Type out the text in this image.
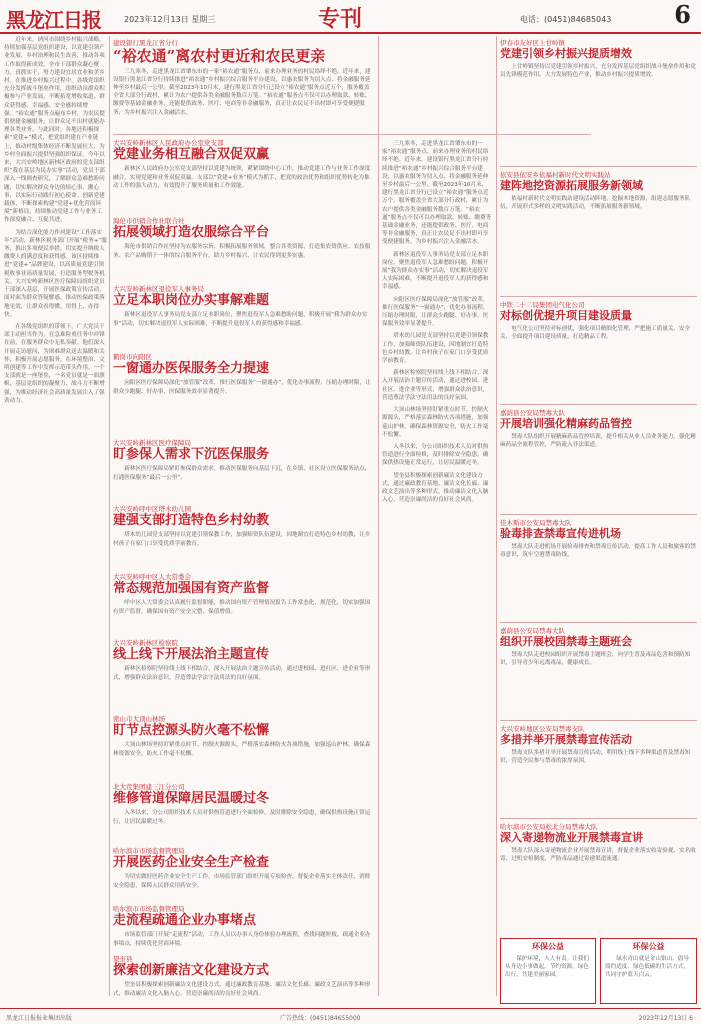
黑龙江日报	2023年12月13日 星期三	专刊	电话：(0451)84685043	6

近年来，讷河市围绕乡村振兴战略，持续加强基层党组织建设，以党建引领产业发展、乡村治理和民生改善，推动各项工作取得新成效。全市干部群众凝心聚力、真抓实干，努力建设宜居宜业和美乡村。在推进乡村振兴过程中，各级党组织充分发挥战斗堡垒作用，组织动员群众积极参与产业发展，不断拓宽增收渠道，群众获得感、幸福感、安全感持续增强。“裕农通”服务点遍布乡村，为农民提供便捷金融服务，让群众足不出村就能办理各类业务。与此同时，各地还积极探索“党建+”模式，把党组织建在产业链上，推动村级集体经济不断发展壮大，为乡村全面振兴提供坚强组织保证。今年以来，大兴安岭地区新林区政府的党支部组织“我在基层为民办实事”活动，党员干部深入一线调查研究，了解群众急难愁盼问题，切实解决群众身边的烦心事、揪心事，以实际行动践行初心使命。创新党建载体，不断探索构建“党建+优化营商环境”新格局，持续推动党建工作与业务工作深度融合、互促共进。

为结合深化能力作风建设“工作落实年”活动，新林区税务部门开展“税务+”服务，推出多项便民举措，切实提升纳税人缴费人的满意度和获得感。该区持续推进“党建+”品牌建设，以高质量党建引领税收事业高质量发展，打造服务型税务机关。大兴安岭新林区医疗保障局组织党员干部深入基层，开展医保政策宣传活动，面对面为群众答疑解惑，推动医保政策落地见效，让群众看得懂、用得上、办得快。

在各级党组织的带领下，广大党员干部主动担当作为，在急难险重任务中冲锋在前，在服务群众中无私奉献。他们深入开展走访慰问，为困难群众送去温暖和关怀；积极开展志愿服务，在环境整治、文明创建等工作中发挥示范带头作用。一个支部就是一座堡垒，一名党员就是一面旗帜，基层党组织的凝聚力、战斗力不断增强，为推动经济社会高质量发展注入了强劲动力。

建设银行黑龙江省分行
“裕农通”离农村更近和农民更亲

三九寒冬，走进黑龙江省肇东市的一家“裕农通”服务点，前来办理业务的村民络绎不绝。近年来，建设银行黑龙江省分行持续推进“裕农通”乡村振兴综合服务平台建设，以惠农服务为切入点，将金融服务延伸至乡村最后一公里。截至2023年10月末，建行黑龙江省分行已设立“裕农通”服务点近万个，服务覆盖全省大部分行政村，累计为农户提供各类金融服务数百万笔。“裕农通”服务点不仅可以办理取款、转账、缴费等基础金融业务，还能提供政务、医疗、电商等非金融服务，真正让农民足不出村即可享受便捷服务，为乡村振兴注入金融活水。

大兴安岭新林区人民政府办公室党支部
党建业务相互融合双促双赢

新林区人民政府办公室党支部坚持以党建为统领，紧紧围绕中心工作，推动党建工作与业务工作深度融合，实现党建和业务双促双赢。支部以“党建+业务”模式为抓手，把党的政治优势和组织优势转化为推动工作的强大动力，有效提升了服务质量和工作效能。

海伦市供销合作社联合社
拓展领域打造农服综合平台

海伦市供销合作社坚持为农服务宗旨，积极拓展服务领域，整合各类资源，打造集农资供应、农技服务、农产品购销于一体的综合服务平台，助力乡村振兴，让农民得到更多实惠。

大兴安岭新林区退役军人事务局
立足本职岗位办实事解难题

新林区退役军人事务局党支部立足本职岗位，聚焦退役军人急难愁盼问题，积极开展“我为群众办实事”活动，切实解决退役军人实际困难，不断提升退役军人的获得感和幸福感。

鹤岗市向阳区
一窗通办医保服务全力提速

向阳区医疗保障局深化“放管服”改革，推行医保服务“一窗通办”，优化办事流程，压缩办理时限，让群众少跑腿、好办事，医保服务效率显著提升。

大兴安岭新林区医疗保障局
盯参保人需求下沉医保服务

新林区医疗保障局紧盯参保群众需求，推动医保服务向基层下沉，在乡镇、社区设立医保服务站点，打通医保服务“最后一公里”。

大兴安岭呼中区塔木幼儿园
建强支部打造特色乡村幼教

塔木幼儿园党支部坚持以党建引领保教工作，加强师资队伍建设，因地制宜打造特色乡村幼教，让乡村孩子在家门口享受优质学前教育。

大兴安岭呼中区人大常委会
常态规范加强国有资产监督

呼中区人大常委会认真履行监督职能，推动国有资产管理情况报告工作常态化、规范化，切实加强国有资产监督，确保国有资产安全完整、保值增值。

大兴安岭新林区检察院
线上线下开展法治主题宣传

新林区检察院坚持线上线下相结合，深入开展法治主题宣传活动，通过进校园、进社区、进企业等形式，增强群众法治意识，营造尊法学法守法用法的良好氛围。

密山市大顶山林场
盯节点控源头防火毫不松懈

大顶山林场坚持盯紧重点时节、控制火源源头，严格落实森林防火各项措施，加强巡山护林，确保森林资源安全，防火工作毫不松懈。

北大荒集团建三江分公司
维修管道保障居民温暖过冬

入冬以来，分公司组织技术人员对供热管道进行全面检修，及时排除安全隐患，确保供热设施正常运行，让居民温暖过冬。

哈尔滨市市场监督管理局
开展医药企业安全生产检查

为切实做好医药企业安全生产工作，市场监管部门组织开展专项检查，督促企业落实主体责任，消除安全隐患，保障人民群众用药安全。

哈尔滨市市场监督管理局
走流程疏通企业办事堵点

市场监管部门开展“走流程”活动，工作人员以办事人身份体验办理流程，查找问题短板，疏通企业办事堵点，持续优化营商环境。

望奎县
探索创新廉洁文化建设方式

望奎县积极探索创新廉洁文化建设方式，通过廉政教育基地、廉洁文化长廊、廉政文艺演出等多种形式，推动廉洁文化入脑入心，营造崇廉尚洁的良好社会风尚。

三九寒冬，走进黑龙江省肇东市的一家“裕农通”服务点，前来办理业务的村民络绎不绝。近年来，建设银行黑龙江省分行持续推进“裕农通”乡村振兴综合服务平台建设，以惠农服务为切入点，将金融服务延伸至乡村最后一公里。截至2023年10月末，建行黑龙江省分行已设立“裕农通”服务点近万个，服务覆盖全省大部分行政村，累计为农户提供各类金融服务数百万笔。“裕农通”服务点不仅可以办理取款、转账、缴费等基础金融业务，还能提供政务、医疗、电商等非金融服务，真正让农民足不出村即可享受便捷服务，为乡村振兴注入金融活水。

新林区退役军人事务局党支部立足本职岗位，聚焦退役军人急难愁盼问题，积极开展“我为群众办实事”活动，切实解决退役军人实际困难，不断提升退役军人的获得感和幸福感。

向阳区医疗保障局深化“放管服”改革，推行医保服务“一窗通办”，优化办事流程，压缩办理时限，让群众少跑腿、好办事，医保服务效率显著提升。

塔木幼儿园党支部坚持以党建引领保教工作，加强师资队伍建设，因地制宜打造特色乡村幼教，让乡村孩子在家门口享受优质学前教育。

新林区检察院坚持线上线下相结合，深入开展法治主题宣传活动，通过进校园、进社区、进企业等形式，增强群众法治意识，营造尊法学法守法用法的良好氛围。

大顶山林场坚持盯紧重点时节、控制火源源头，严格落实森林防火各项措施，加强巡山护林，确保森林资源安全，防火工作毫不松懈。

入冬以来，分公司组织技术人员对供热管道进行全面检修，及时排除安全隐患，确保供热设施正常运行，让居民温暖过冬。

望奎县积极探索创新廉洁文化建设方式，通过廉政教育基地、廉洁文化长廊、廉政文艺演出等多种形式，推动廉洁文化入脑入心，营造崇廉尚洁的良好社会风尚。

伊春市友好区上甘岭镇
党建引领乡村振兴提质增效

上甘岭镇坚持以党建引领乡村振兴，充分发挥基层党组织战斗堡垒作用和党员先锋模范作用，大力发展特色产业，推动乡村振兴提质增效。

依安县依安乡依福村新时代文明实践站
建阵地挖资源拓展服务新领域

依福村新时代文明实践站建设活动阵地，挖掘本地资源，组建志愿服务队伍，开展形式多样的文明实践活动，不断拓展服务新领域。

中铁二十二局集团电气化公司
对标创优提升项目建设质量

电气化公司坚持对标创优，强化项目精细化管理，严把施工质量关、安全关，全面提升项目建设质量，打造精品工程。

嘉荫县公安局禁毒大队
开展培训强化精麻药品管控

禁毒大队组织开展精麻药品管控培训，提升相关从业人员业务能力，强化精麻药品全流程管控，严防流入非法渠道。

佳木斯市公安局禁毒大队
验毒排查禁毒宣传进机场

禁毒大队走进机场开展验毒排查和禁毒宣传活动，提高工作人员和旅客的禁毒意识，筑牢空港禁毒防线。

嘉荫县公安局禁毒大队
组织开展校园禁毒主题班会

禁毒大队走进校园组织开展禁毒主题班会，向学生普及毒品危害和预防知识，引导青少年远离毒品，健康成长。

大兴安岭地区公安局禁毒支队
多措并举开展禁毒宣传活动

禁毒支队多措并举开展禁毒宣传活动，利用线上线下多种渠道普及禁毒知识，营造全民参与禁毒的浓厚氛围。

哈尔滨市公安局松北分局禁毒大队
深入寄递物流业开展禁毒宣讲

禁毒大队深入寄递物流企业开展禁毒宣讲，督促企业落实收寄验视、实名收寄、过机安检制度，严防毒品通过寄递渠道流通。

环保公益

保护环境，人人有责。让我们从身边小事做起，节约资源，绿色出行，共建美丽家园。

环保公益

绿水青山就是金山银山。倡导简约适度、绿色低碳的生活方式，共同守护蓝天白云。

黑龙江日报报业集团出版	广告热线：(0451)84655000	2023年12月13日 6
